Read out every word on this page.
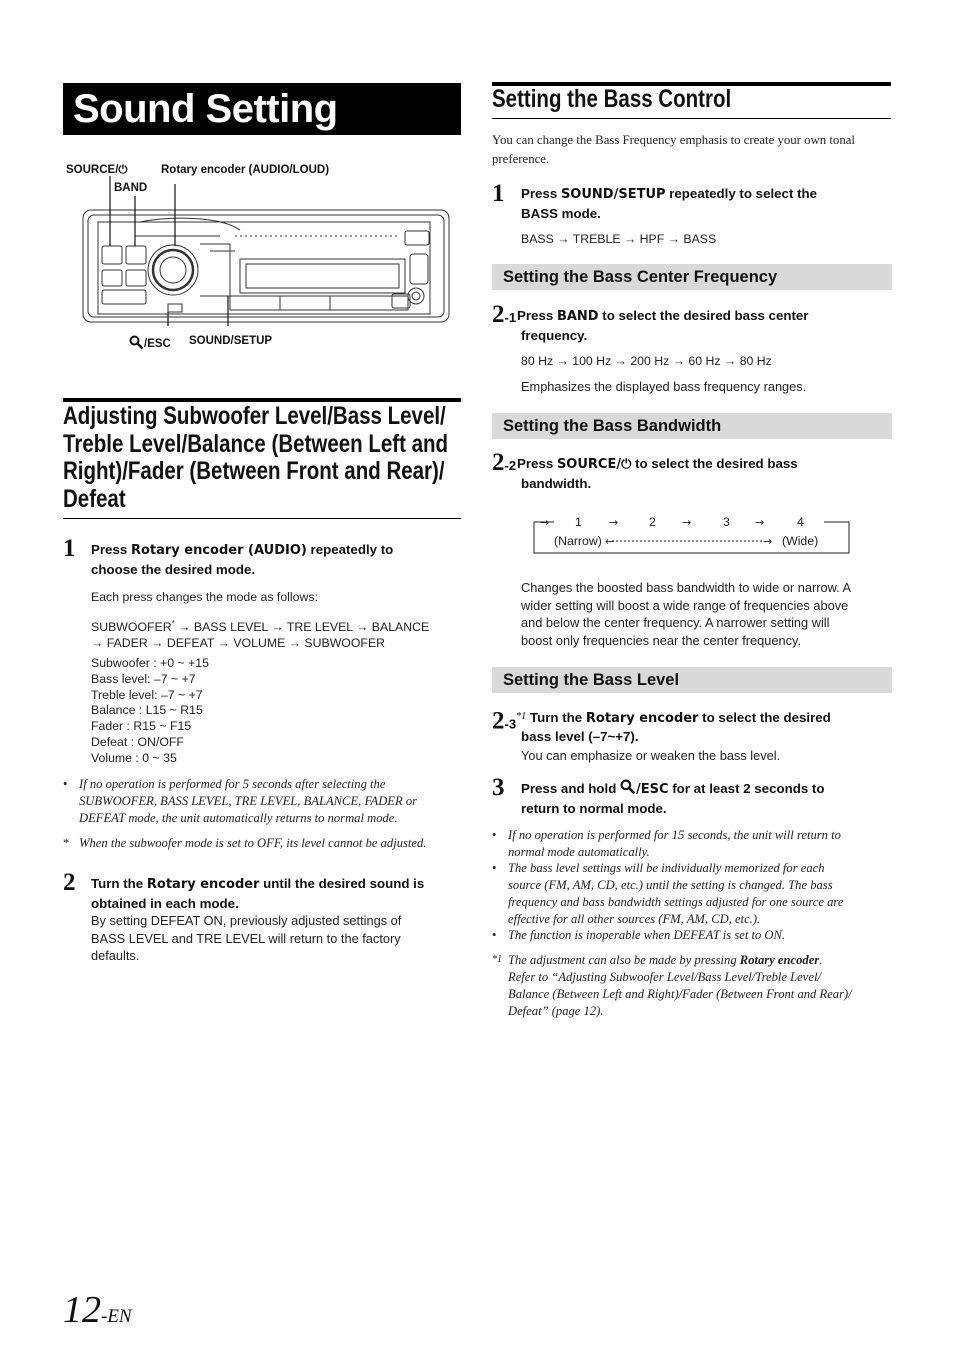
Sound Setting
SOURCE/⏻
BAND
Rotary encoder (AUDIO/LOUD)
/ESC SOUND/SETUP
Adjusting Subwoofer Level/Bass Level/
Treble Level/Balance (Between Left and
Right)/Fader (Between Front and Rear)/
Defeat
1 Press Rotary encoder (AUDIO) repeatedly to
choose the desired mode.
Each press changes the mode as follows:
SUBWOOFER* → BASS LEVEL → TRE LEVEL → BALANCE
→ FADER → DEFEAT → VOLUME → SUBWOOFER
Subwoofer : +0 ~ +15
Bass level: –7 ~ +7
Treble level: –7 ~ +7
Balance : L15 ~ R15
Fader : R15 ~ F15
Defeat : ON/OFF
Volume : 0 ~ 35
• If no operation is performed for 5 seconds after selecting the
SUBWOOFER, BASS LEVEL, TRE LEVEL, BALANCE, FADER or
DEFEAT mode, the unit automatically returns to normal mode.
* When the subwoofer mode is set to OFF, its level cannot be adjusted.
2 Turn the Rotary encoder until the desired sound is
obtained in each mode.
By setting DEFEAT ON, previously adjusted settings of
BASS LEVEL and TRE LEVEL will return to the factory
defaults.
Setting the Bass Control
You can change the Bass Frequency emphasis to create your own tonal
preference.
1 Press SOUND/SETUP repeatedly to select the
BASS mode.
BASS → TREBLE → HPF → BASS
Setting the Bass Center Frequency
2-1 Press BAND to select the desired bass center
frequency.
80 Hz → 100 Hz → 200 Hz → 60 Hz → 80 Hz
Emphasizes the displayed bass frequency ranges.
Setting the Bass Bandwidth
2-2 Press SOURCE/⏻ to select the desired bass
bandwidth.
→	→	→	→
←	→
1	2	3	4
(Narrow)	(Wide)
Changes the boosted bass bandwidth to wide or narrow. A
wider setting will boost a wide range of frequencies above
and below the center frequency. A narrower setting will
boost only frequencies near the center frequency.
Setting the Bass Level
2-3$^{*1}$ Turn the Rotary encoder to select the desired
bass level (–7~+7).
You can emphasize or weaken the bass level.
3 Press and hold /ESC for at least 2 seconds to
return to normal mode.
• If no operation is performed for 15 seconds, the unit will return to
normal mode automatically.
• The bass level settings will be individually memorized for each
source (FM, AM, CD, etc.) until the setting is changed. The bass
frequency and bass bandwidth settings adjusted for one source are
effective for all other sources (FM, AM, CD, etc.).
• The function is inoperable when DEFEAT is set to ON.
*1 The adjustment can also be made by pressing Rotary encoder.
Refer to “Adjusting Subwoofer Level/Bass Level/Treble Level/
Balance (Between Left and Right)/Fader (Between Front and Rear)/
Defeat” (page 12).
12-EN
